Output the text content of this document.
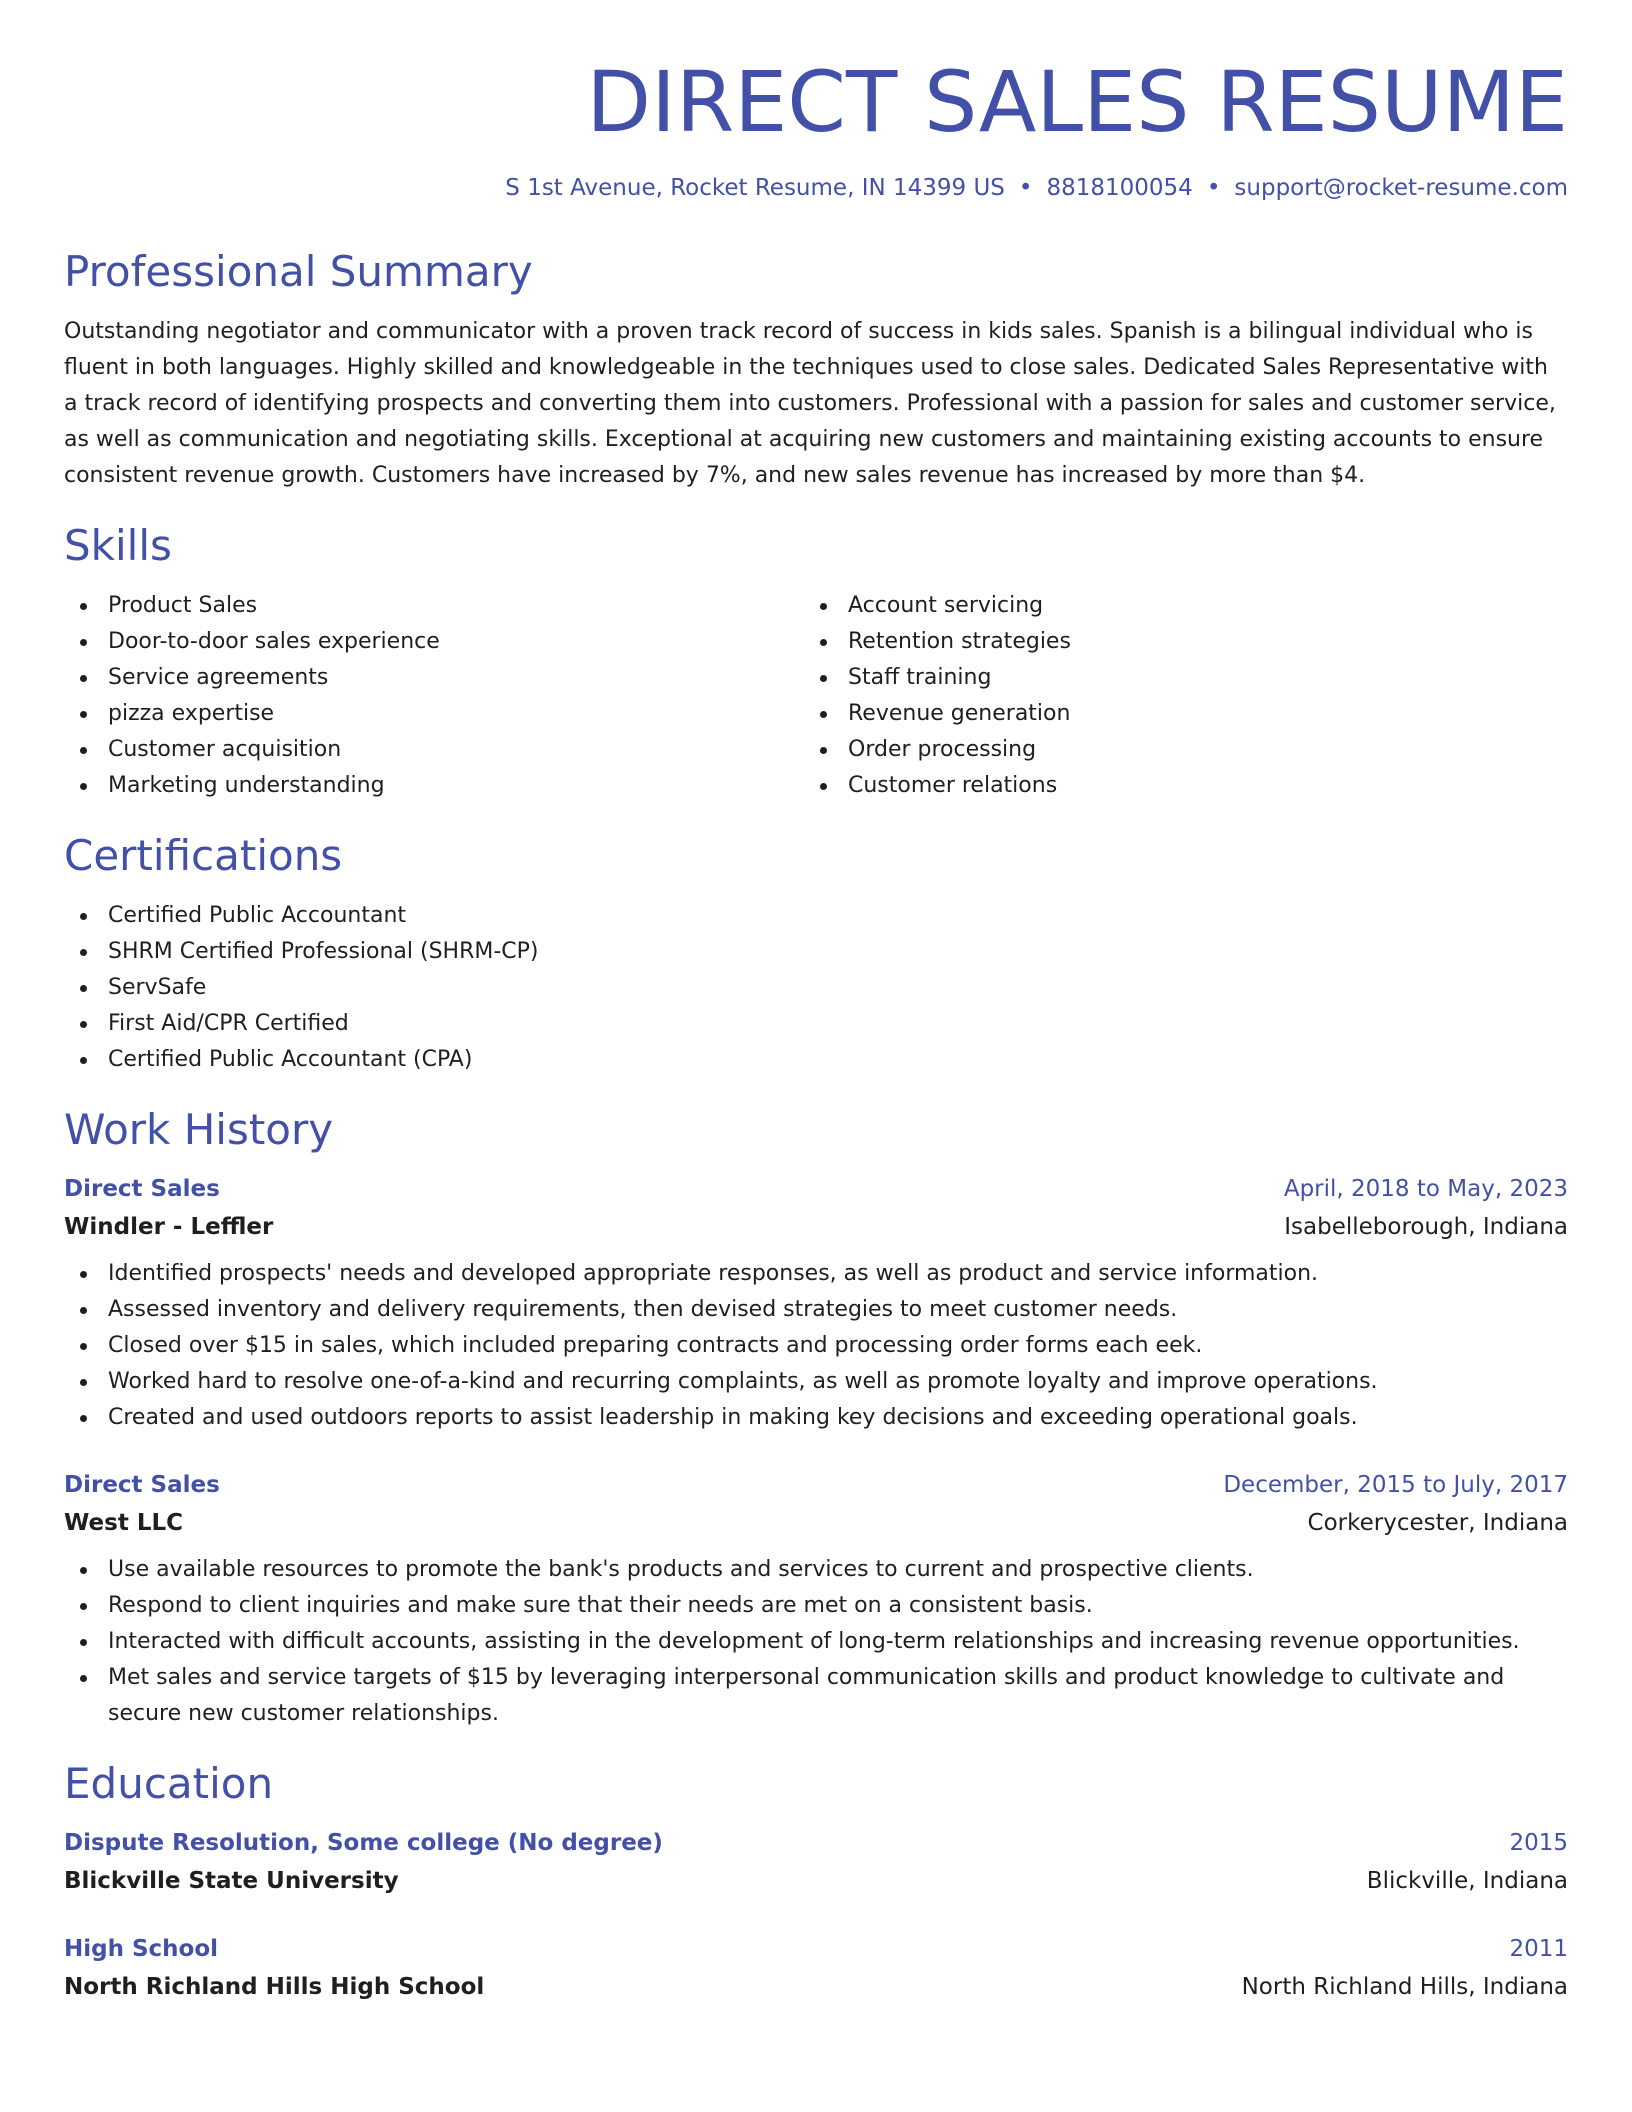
DIRECT SALES RESUME
S 1st Avenue, Rocket Resume, IN 14399 US • 8818100054 • support@rocket-resume.com
Professional Summary

Outstanding negotiator and communicator with a proven track record of success in kids sales. Spanish is a bilingual individual who is fluent in both languages. Highly skilled and knowledgeable in the techniques used to close sales. Dedicated Sales Representative with a track record of identifying prospects and converting them into customers. Professional with a passion for sales and customer service, as well as communication and negotiating skills. Exceptional at acquiring new customers and maintaining existing accounts to ensure consistent revenue growth. Customers have increased by 7%, and new sales revenue has increased by more than $4.

Skills
Product Sales
Door-to-door sales experience
Service agreements
pizza expertise
Customer acquisition
Marketing understanding
Account servicing
Retention strategies
Staff training
Revenue generation
Order processing
Customer relations
Certifications
Certified Public Accountant
SHRM Certified Professional (SHRM-CP)
ServSafe
First Aid/CPR Certified
Certified Public Accountant (CPA)
Work History
Direct Sales	April, 2018 to May, 2023
Windler - Leffler	Isabelleborough, Indiana
Identified prospects' needs and developed appropriate responses, as well as product and service information.
Assessed inventory and delivery requirements, then devised strategies to meet customer needs.
Closed over $15 in sales, which included preparing contracts and processing order forms each eek.
Worked hard to resolve one-of-a-kind and recurring complaints, as well as promote loyalty and improve operations.
Created and used outdoors reports to assist leadership in making key decisions and exceeding operational goals.
Direct Sales	December, 2015 to July, 2017
West LLC	Corkerycester, Indiana
Use available resources to promote the bank's products and services to current and prospective clients.
Respond to client inquiries and make sure that their needs are met on a consistent basis.
Interacted with difficult accounts, assisting in the development of long-term relationships and increasing revenue opportunities.
Met sales and service targets of $15 by leveraging interpersonal communication skills and product knowledge to cultivate and secure new customer relationships.
Education
Dispute Resolution, Some college (No degree)	2015
Blickville State University	Blickville, Indiana
High School	2011
North Richland Hills High School	North Richland Hills, Indiana
